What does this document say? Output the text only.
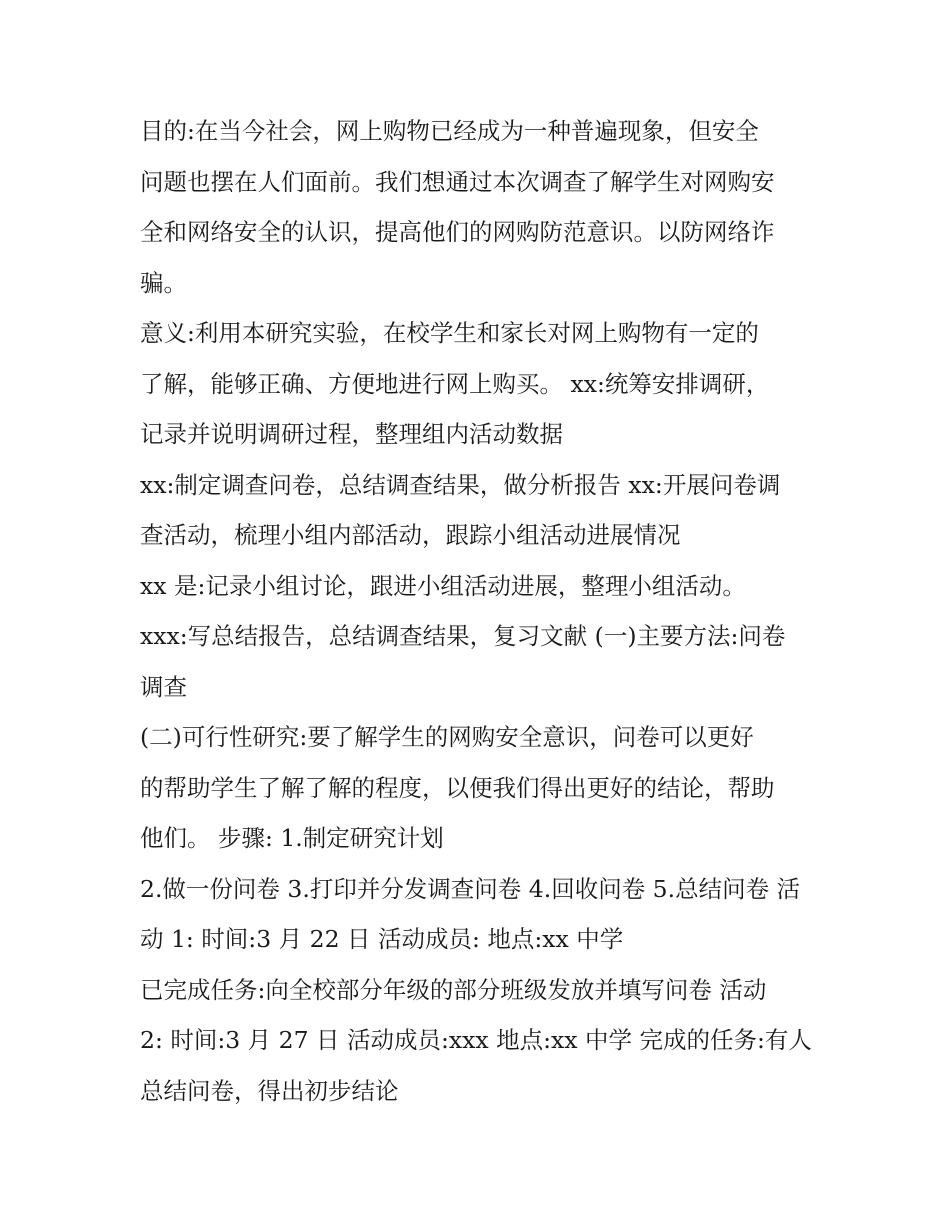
目的:在当今社会，网上购物已经成为一种普遍现象，但安全
问题也摆在人们面前。我们想通过本次调查了解学生对网购安
全和网络安全的认识，提高他们的网购防范意识。以防网络诈
骗。
意义:利用本研究实验，在校学生和家长对网上购物有一定的
了解，能够正确、方便地进行网上购买。 xx:统筹安排调研，
记录并说明调研过程，整理组内活动数据
xx:制定调查问卷，总结调查结果，做分析报告 xx:开展问卷调
查活动，梳理小组内部活动，跟踪小组活动进展情况
xx 是:记录小组讨论，跟进小组活动进展，整理小组活动。
xxx:写总结报告，总结调查结果，复习文献 (一)主要方法:问卷
调查
(二)可行性研究:要了解学生的网购安全意识，问卷可以更好
的帮助学生了解了解的程度，以便我们得出更好的结论，帮助
他们。 步骤: 1.制定研究计划
2.做一份问卷 3.打印并分发调查问卷 4.回收问卷 5.总结问卷 活
动 1: 时间:3 月 22 日 活动成员: 地点:xx 中学
已完成任务:向全校部分年级的部分班级发放并填写问卷 活动
2: 时间:3 月 27 日 活动成员:xxx 地点:xx 中学 完成的任务:有人
总结问卷，得出初步结论
